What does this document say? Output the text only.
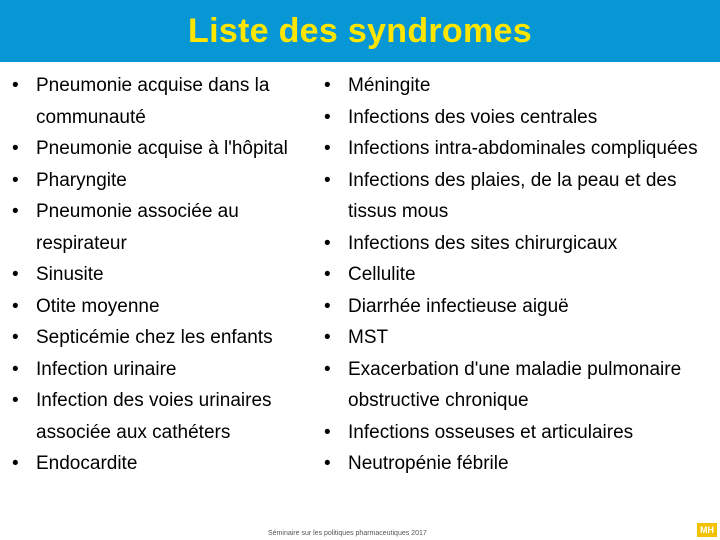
Liste des syndromes
• Pneumonie acquise dans la communauté
• Pneumonie acquise à l'hôpital
• Pharyngite
• Pneumonie associée au respirateur
• Sinusite
• Otite moyenne
• Septicémie chez les enfants
• Infection urinaire
• Infection des voies urinaires associée aux cathéters
• Endocardite
• Méningite
• Infections des voies centrales
• Infections intra-abdominales compliquées
• Infections des plaies, de la peau et des tissus mous
• Infections des sites chirurgicaux
• Cellulite
• Diarrhée infectieuse aiguë
• MST
• Exacerbation d'une maladie pulmonaire obstructive chronique
• Infections osseuses et articulaires
• Neutropénie fébrile
Séminaire sur les politiques pharmaceutiques 2017	MH
